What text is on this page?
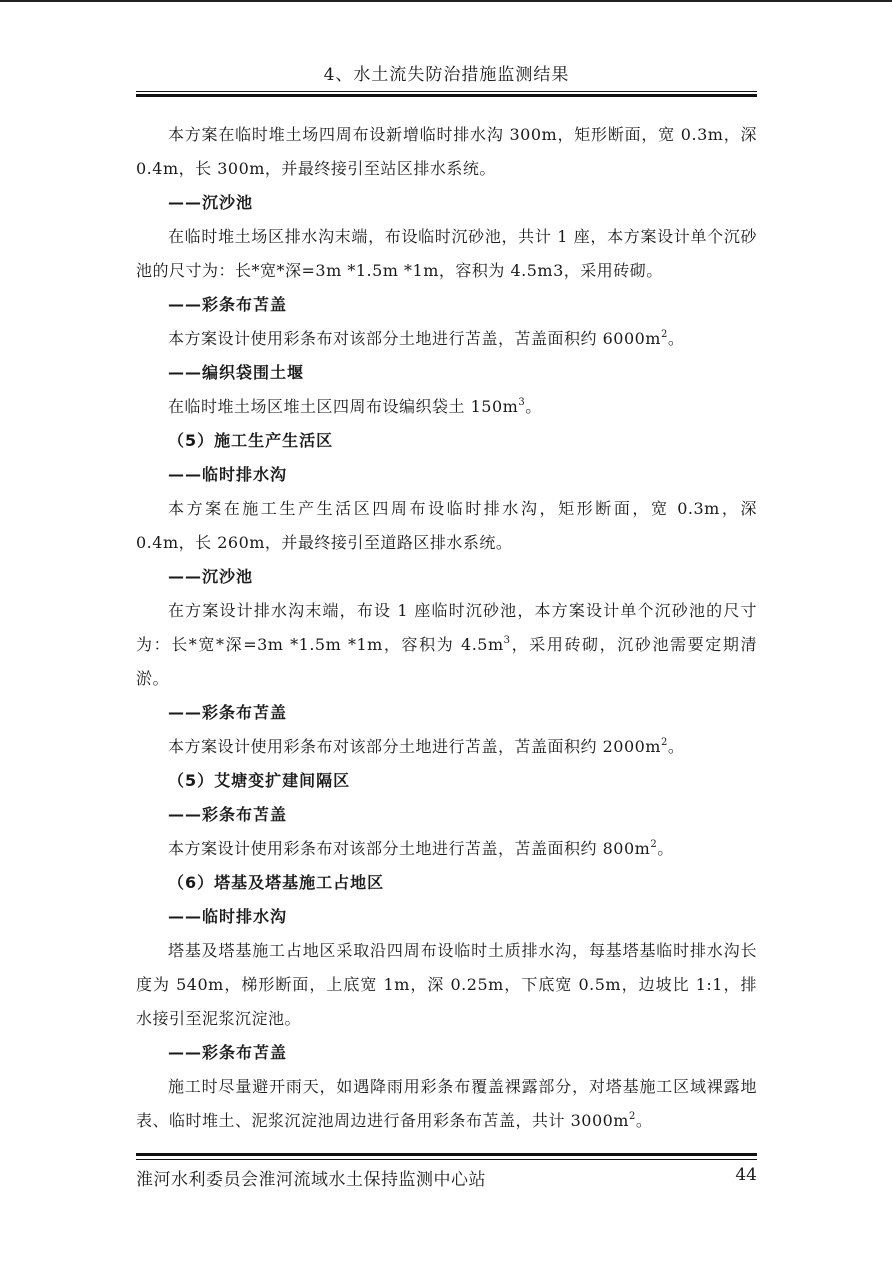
4、水土流失防治措施监测结果

本方案在临时堆土场四周布设新增临时排水沟 300m，矩形断面，宽 0.3m，深 0.4m，长 300m，并最终接引至站区排水系统。

——沉沙池

在临时堆土场区排水沟末端，布设临时沉砂池，共计 1 座，本方案设计单个沉砂池的尺寸为：长*宽*深=3m *1.5m *1m，容积为 4.5m3，采用砖砌。

——彩条布苫盖

本方案设计使用彩条布对该部分土地进行苫盖，苫盖面积约 $6000m^2$。

——编织袋围土堰

在临时堆土场区堆土区四周布设编织袋土 $150m^3$。

（5）施工生产生活区

——临时排水沟

本方案在施工生产生活区四周布设临时排水沟，矩形断面，宽 0.3m，深 0.4m，长 260m，并最终接引至道路区排水系统。

——沉沙池

在方案设计排水沟末端，布设 1 座临时沉砂池，本方案设计单个沉砂池的尺寸为：长*宽*深=3m *1.5m *1m，容积为 $4.5m^3$，采用砖砌，沉砂池需要定期清淤。

——彩条布苫盖

本方案设计使用彩条布对该部分土地进行苫盖，苫盖面积约 $2000m^2$。

（5）艾塘变扩建间隔区

——彩条布苫盖

本方案设计使用彩条布对该部分土地进行苫盖，苫盖面积约 $800m^2$。

（6）塔基及塔基施工占地区

——临时排水沟

塔基及塔基施工占地区采取沿四周布设临时土质排水沟，每基塔基临时排水沟长度为 540m，梯形断面，上底宽 1m，深 0.25m，下底宽 0.5m，边坡比 1:1，排水接引至泥浆沉淀池。

——彩条布苫盖

施工时尽量避开雨天，如遇降雨用彩条布覆盖裸露部分，对塔基施工区域裸露地表、临时堆土、泥浆沉淀池周边进行备用彩条布苫盖，共计 $3000m^2$。

淮河水利委员会淮河流域水土保持监测中心站	44
